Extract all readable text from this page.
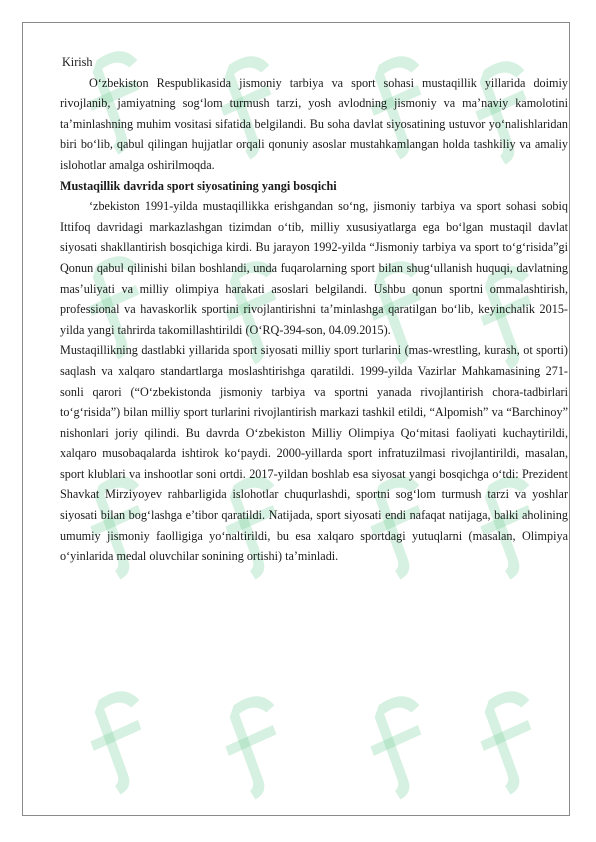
Kirish

O‘zbekiston Respublikasida jismoniy tarbiya va sport sohasi mustaqillik yillarida doimiy rivojlanib, jamiyatning sog‘lom turmush tarzi, yosh avlodning jismoniy va ma’naviy kamolotini ta’minlashning muhim vositasi sifatida belgilandi. Bu soha davlat siyosatining ustuvor yo‘nalishlaridan biri bo‘lib, qabul qilingan hujjatlar orqali qonuniy asoslar mustahkamlangan holda tashkiliy va amaliy islohotlar amalga oshirilmoqda.

Mustaqillik davrida sport siyosatining yangi bosqichi

‘zbekiston 1991-yilda mustaqillikka erishgandan so‘ng, jismoniy tarbiya va sport sohasi sobiq Ittifoq davridagi markazlashgan tizimdan o‘tib, milliy xususiyatlarga ega bo‘lgan mustaqil davlat siyosati shakllantirish bosqichiga kirdi. Bu jarayon 1992-yilda “Jismoniy tarbiya va sport to‘g‘risida”gi Qonun qabul qilinishi bilan boshlandi, unda fuqarolarning sport bilan shug‘ullanish huquqi, davlatning mas’uliyati va milliy olimpiya harakati asoslari belgilandi. Ushbu qonun sportni ommalashtirish, professional va havaskorlik sportini rivojlantirishni ta’minlashga qaratilgan bo‘lib, keyinchalik 2015-yilda yangi tahrirda takomillashtirildi (O‘RQ-394-son, 04.09.2015).

Mustaqillikning dastlabki yillarida sport siyosati milliy sport turlarini (mas-wrestling, kurash, ot sporti) saqlash va xalqaro standartlarga moslashtirishga qaratildi. 1999-yilda Vazirlar Mahkamasining 271-sonli qarori (“O‘zbekistonda jismoniy tarbiya va sportni yanada rivojlantirish chora-tadbirlari to‘g‘risida”) bilan milliy sport turlarini rivojlantirish markazi tashkil etildi, “Alpomish” va “Barchinoy” nishonlari joriy qilindi. Bu davrda O‘zbekiston Milliy Olimpiya Qo‘mitasi faoliyati kuchaytirildi, xalqaro musobaqalarda ishtirok ko‘paydi. 2000-yillarda sport infratuzilmasi rivojlantirildi, masalan, sport klublari va inshootlar soni ortdi. 2017-yildan boshlab esa siyosat yangi bosqichga o‘tdi: Prezident Shavkat Mirziyoyev rahbarligida islohotlar chuqurlashdi, sportni sog‘lom turmush tarzi va yoshlar siyosati bilan bog‘lashga e’tibor qaratildi. Natijada, sport siyosati endi nafaqat natijaga, balki aholining umumiy jismoniy faolligiga yo‘naltirildi, bu esa xalqaro sportdagi yutuqlarni (masalan, Olimpiya o‘yinlarida medal oluvchilar sonining ortishi) ta’minladi.
